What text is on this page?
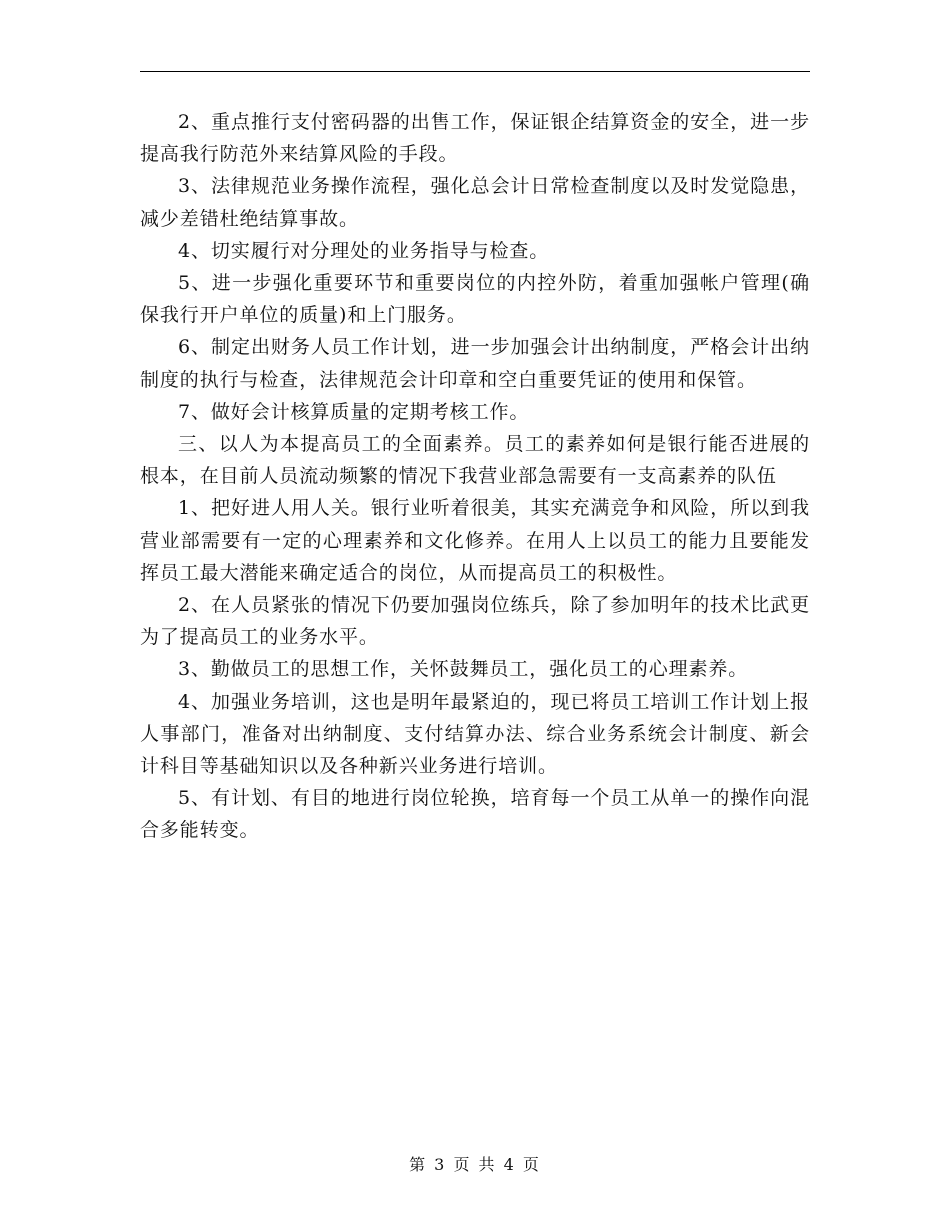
2、重点推行支付密码器的出售工作，保证银企结算资金的安全，进一步提高我行防范外来结算风险的手段。

3、法律规范业务操作流程，强化总会计日常检查制度以及时发觉隐患，减少差错杜绝结算事故。

4、切实履行对分理处的业务指导与检查。

5、进一步强化重要环节和重要岗位的内控外防，着重加强帐户管理(确保我行开户单位的质量)和上门服务。

6、制定出财务人员工作计划，进一步加强会计出纳制度，严格会计出纳制度的执行与检查，法律规范会计印章和空白重要凭证的使用和保管。

7、做好会计核算质量的定期考核工作。

三、以人为本提高员工的全面素养。员工的素养如何是银行能否进展的根本，在目前人员流动频繁的情况下我营业部急需要有一支高素养的队伍

1、把好进人用人关。银行业听着很美，其实充满竞争和风险，所以到我营业部需要有一定的心理素养和文化修养。在用人上以员工的能力且要能发挥员工最大潜能来确定适合的岗位，从而提高员工的积极性。

2、在人员紧张的情况下仍要加强岗位练兵，除了参加明年的技术比武更为了提高员工的业务水平。

3、勤做员工的思想工作，关怀鼓舞员工，强化员工的心理素养。

4、加强业务培训，这也是明年最紧迫的，现已将员工培训工作计划上报人事部门，准备对出纳制度、支付结算办法、综合业务系统会计制度、新会计科目等基础知识以及各种新兴业务进行培训。

5、有计划、有目的地进行岗位轮换，培育每一个员工从单一的操作向混合多能转变。

第 3 页 共 4 页
